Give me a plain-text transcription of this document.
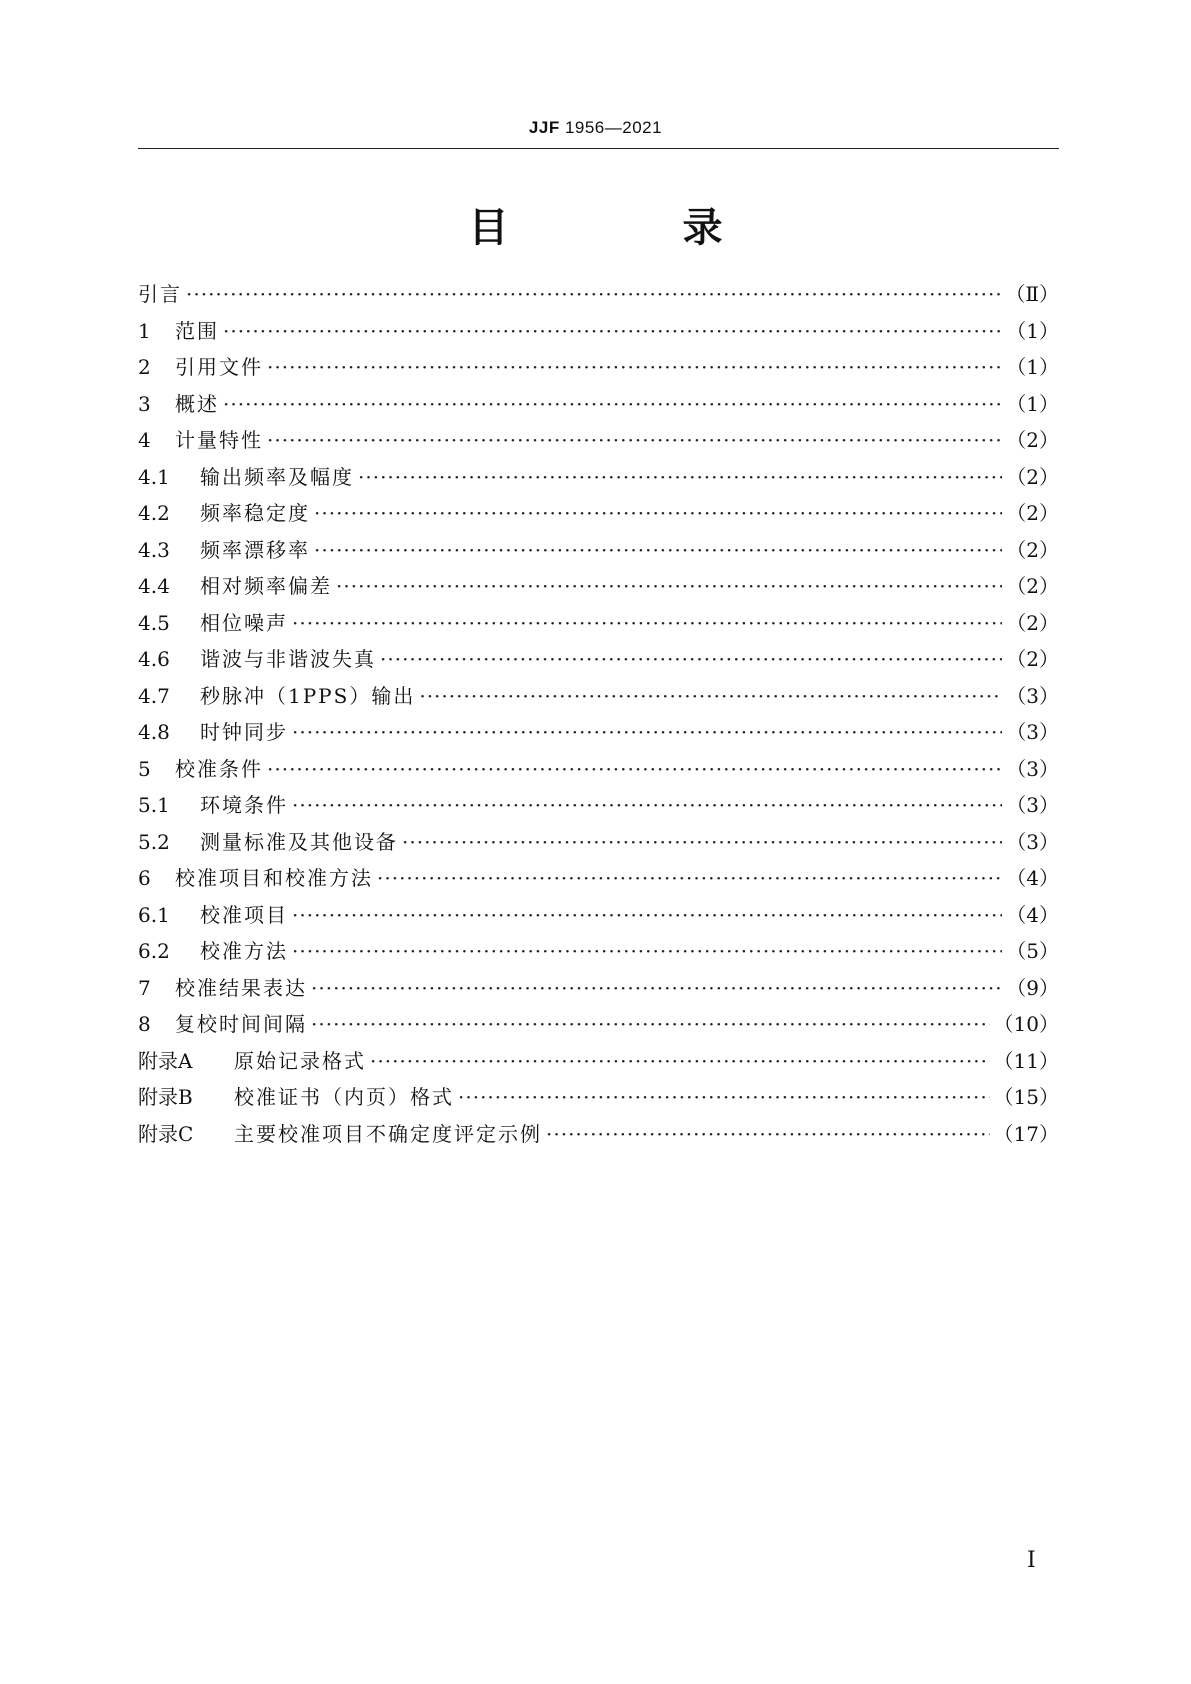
JJF 1956—2021
目 录
引言 ·····	（Ⅱ）
1	范围 ·····	（1）
2	引用文件 ·····	（1）
3	概述 ·····	（1）
4	计量特性 ·····	（2）
4.1	输出频率及幅度 ·····	（2）
4.2	频率稳定度 ·····	（2）
4.3	频率漂移率 ·····	（2）
4.4	相对频率偏差 ·····	（2）
4.5	相位噪声 ·····	（2）
4.6	谐波与非谐波失真 ·····	（2）
4.7	秒脉冲（1PPS）输出 ·····	（3）
4.8	时钟同步 ·····	（3）
5	校准条件 ·····	（3）
5.1	环境条件 ·····	（3）
5.2	测量标准及其他设备 ·····	（3）
6	校准项目和校准方法 ·····	（4）
6.1	校准项目 ·····	（4）
6.2	校准方法 ·····	（5）
7	校准结果表达 ·····	（9）
8	复校时间间隔 ·····	（10）
附录A	原始记录格式 ·····	（11）
附录B	校准证书（内页）格式 ·····	（15）
附录C	主要校准项目不确定度评定示例 ·····	（17）
I
